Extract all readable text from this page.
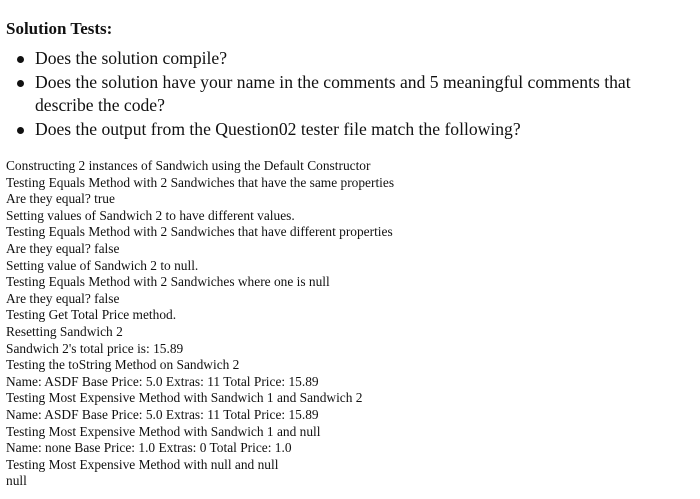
Solution Tests:
Does the solution compile?
Does the solution have your name in the comments and 5 meaningful comments that describe the code?
Does the output from the Question02 tester file match the following?
Constructing 2 instances of Sandwich using the Default Constructor
Testing Equals Method with 2 Sandwiches that have the same properties
Are they equal? true
Setting values of Sandwich 2 to have different values.
Testing Equals Method with 2 Sandwiches that have different properties
Are they equal? false
Setting value of Sandwich 2 to null.
Testing Equals Method with 2 Sandwiches where one is null
Are they equal? false
Testing Get Total Price method.
Resetting Sandwich 2
Sandwich 2's total price is: 15.89
Testing the toString Method on Sandwich 2
Name: ASDF Base Price: 5.0 Extras: 11 Total Price: 15.89
Testing Most Expensive Method with Sandwich 1 and Sandwich 2
Name: ASDF Base Price: 5.0 Extras: 11 Total Price: 15.89
Testing Most Expensive Method with Sandwich 1 and null
Name: none Base Price: 1.0 Extras: 0 Total Price: 1.0
Testing Most Expensive Method with null and null
null
